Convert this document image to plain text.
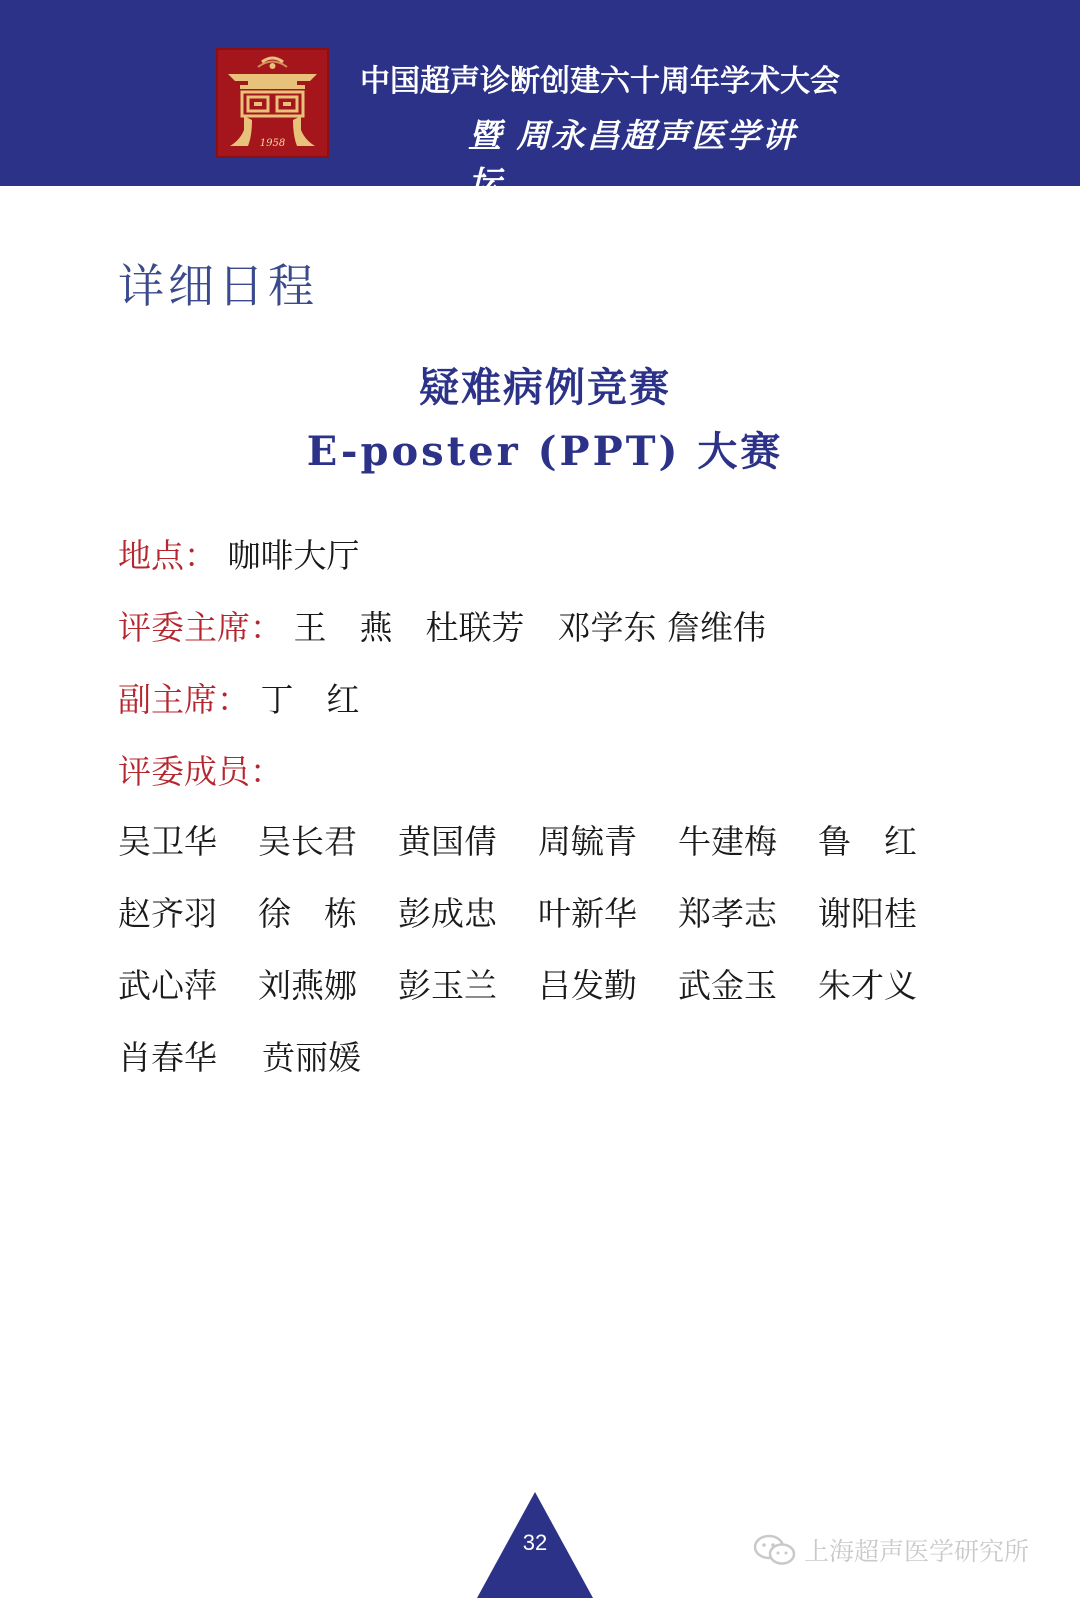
1958
中国超声诊断创建六十周年学术大会
暨 周永昌超声医学讲坛
详细日程
疑难病例竞赛
E-poster (PPT) 大赛
地点： 咖啡大厅
评委主席： 王　燕　杜联芳　邓学东 詹维伟
副主席： 丁　红
评委成员：
吴卫华	吴长君	黄国倩	周毓青	牛建梅	鲁　红
赵齐羽	徐　栋	彭成忠	叶新华	郑孝志	谢阳桂
武心萍	刘燕娜	彭玉兰	吕发勤	武金玉	朱才义
肖春华	贲丽媛
32	上海超声医学研究所
